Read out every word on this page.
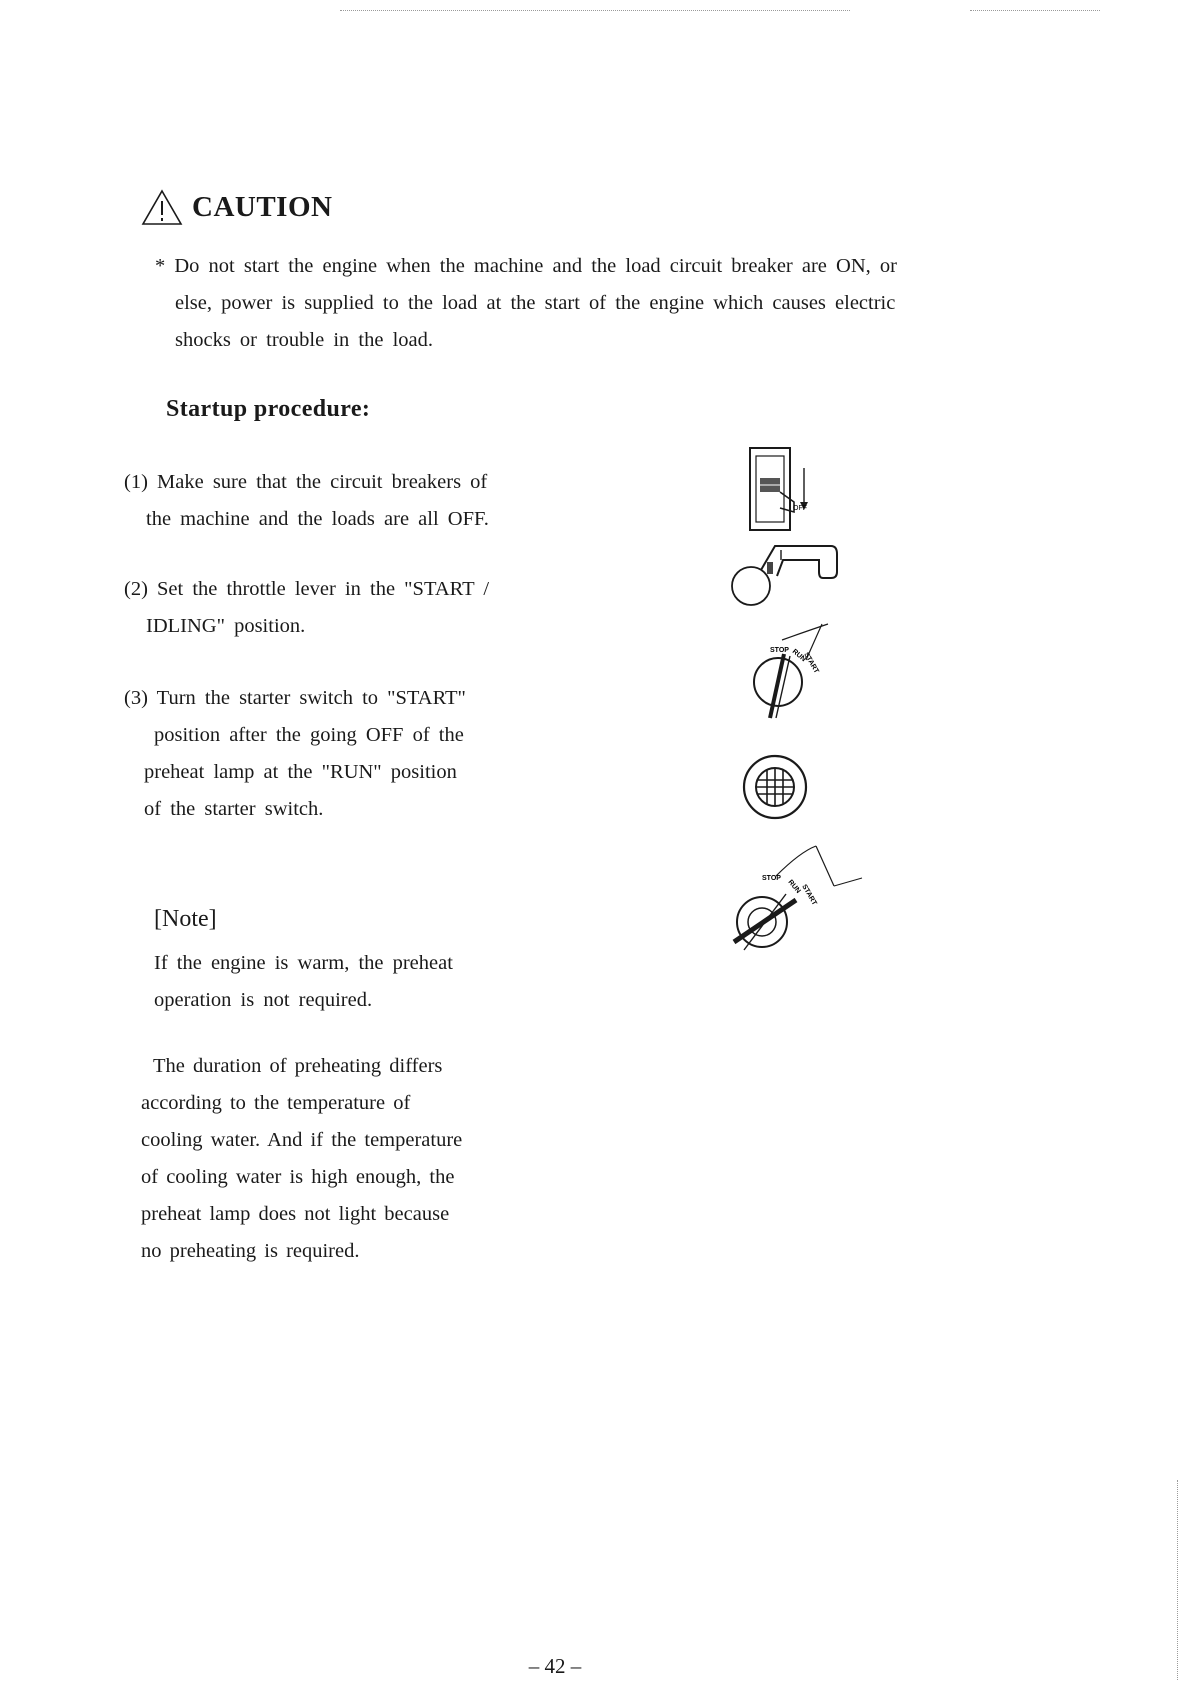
CAUTION
* Do not start the engine when the machine and the load circuit breaker are ON, or
else, power is supplied to the load at the start of the engine which causes electric
shocks or trouble in the load.
Startup procedure:
(1) Make sure that the circuit breakers of
the machine and the loads are all OFF.
(2) Set the throttle lever in the "START /
IDLING" position.
(3) Turn the starter switch to "START"
position after the going OFF of the
preheat lamp at the "RUN" position
of the starter switch.
[Note]
If the engine is warm, the preheat
operation is not required.
The duration of preheating differs
according to the temperature of
cooling water. And if the temperature
of cooling water is high enough, the
preheat lamp does not light because
no preheating is required.
OFF
STOP RUN
START
STOP
RUN
START
– 42 –
